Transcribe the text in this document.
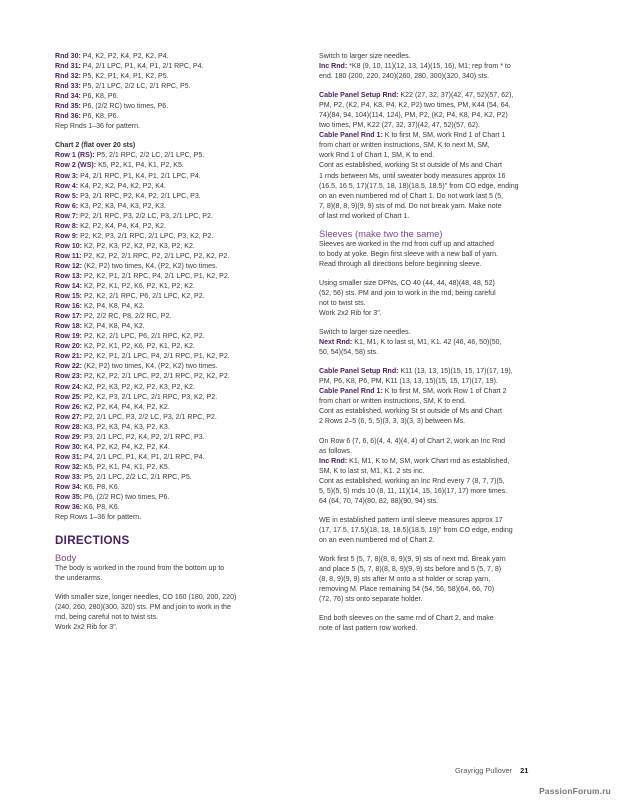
Rnd 30: P4, K2, P2, K4, P2, K2, P4.
Rnd 31: P4, 2/1 LPC, P1, K4, P1, 2/1 RPC, P4.
Rnd 32: P5, K2, P1, K4, P1, K2, P5.
Rnd 33: P5, 2/1 LPC, 2/2 LC, 2/1 RPC, P5.
Rnd 34: P6, K8, P6.
Rnd 35: P6, (2/2 RC) two times, P6.
Rnd 36: P6, K8, P6.
Rep Rnds 1–36 for pattern.
Chart 2 (flat over 20 sts)
Row 1 (RS): P5, 2/1 RPC, 2/2 LC, 2/1 LPC, P5.
Row 2 (WS): K5, P2, K1, P4, K1, P2, K5.
Row 3: P4, 2/1 RPC, P1, K4, P1, 2/1 LPC, P4.
Row 4: K4, P2, K2, P4, K2, P2, K4.
Row 5: P3, 2/1 RPC, P2, K4, P2, 2/1 LPC, P3.
Row 6: K3, P2, K3, P4, K3, P2, K3.
Row 7: P2, 2/1 RPC, P3, 2/2 LC, P3, 2/1 LPC, P2.
Row 8: K2, P2, K4, P4, K4, P2, K2.
Row 9: P2, K2, P3, 2/1 RPC, 2/1 LPC, P3, K2, P2.
Row 10: K2, P2, K3, P2, K2, P2, K3, P2, K2.
Row 11: P2, K2, P2, 2/1 RPC, P2, 2/1 LPC, P2, K2, P2.
Row 12: (K2, P2) two times, K4, (P2, K2) two times.
Row 13: P2, K2, P1, 2/1 RPC, P4, 2/1 LPC, P1, K2, P2.
Row 14: K2, P2, K1, P2, K6, P2, K1, P2, K2.
Row 15: P2, K2, 2/1 RPC, P6, 2/1 LPC, K2, P2.
Row 16: K2, P4, K8, P4, K2.
Row 17: P2, 2/2 RC, P8, 2/2 RC, P2.
Row 18: K2, P4, K8, P4, K2.
Row 19: P2, K2, 2/1 LPC, P6, 2/1 RPC, K2, P2.
Row 20: K2, P2, K1, P2, K6, P2, K1, P2, K2.
Row 21: P2, K2, P1, 2/1 LPC, P4, 2/1 RPC, P1, K2, P2.
Row 22: (K2, P2) two times, K4, (P2, K2) two times.
Row 23: P2, K2, P2, 2/1 LPC, P2, 2/1 RPC, P2, K2, P2.
Row 24: K2, P2, K3, P2, K2, P2, K3, P2, K2.
Row 25: P2, K2, P3, 2/1 LPC, 2/1 RPC, P3, K2, P2.
Row 26: K2, P2, K4, P4, K4, P2, K2.
Row 27: P2, 2/1 LPC, P3, 2/2 LC, P3, 2/1 RPC, P2.
Row 28: K3, P2, K3, P4, K3, P2, K3.
Row 29: P3, 2/1 LPC, P2, K4, P2, 2/1 RPC, P3.
Row 30: K4, P2, K2, P4, K2, P2, K4.
Row 31: P4, 2/1 LPC, P1, K4, P1, 2/1 RPC, P4.
Row 32: K5, P2, K1, P4, K1, P2, K5.
Row 33: P5, 2/1 LPC, 2/2 LC, 2/1 RPC, P5.
Row 34: K6, P8, K6.
Row 35: P6, (2/2 RC) two times, P6.
Row 36: K6, P8, K6.
Rep Rows 1–36 for pattern.
DIRECTIONS
Body
The body is worked in the round from the bottom up to
the underarms.
With smaller size, longer needles, CO 160 (180, 200, 220)
(240, 260, 280)(300, 320) sts. PM and join to work in the
rnd, being careful not to twist sts.
Work 2x2 Rib for 3".
Switch to larger size needles.
Inc Rnd: *K8 (9, 10, 11)(12, 13, 14)(15, 16), M1; rep from * to
end. 180 (200, 220, 240)(260, 280, 300)(320, 340) sts.
Cable Panel Setup Rnd: K22 (27, 32, 37)(42, 47, 52)(57, 62),
PM, P2, (K2, P4, K8, P4, K2, P2) two times, PM, K44 (54, 64,
74)(84, 94, 104)(114, 124), PM, P2, (K2, P4, K8, P4, K2, P2)
two times, PM, K22 (27, 32, 37)(42, 47, 52)(57, 62).
Cable Panel Rnd 1: K to first M, SM, work Rnd 1 of Chart 1
from chart or written instructions, SM, K to next M, SM,
work Rnd 1 of Chart 1, SM, K to end.
Cont as established, working St st outside of Ms and Chart
1 rnds between Ms, until sweater body measures approx 16
(16.5, 16.5, 17)(17.5, 18, 18)(18.5, 18.5)" from CO edge, ending
on an even numbered rnd of Chart 1. Do not work last 5 (5,
7, 8)(8, 8, 9)(9, 9) sts of rnd. Do not break yarn. Make note
of last rnd worked of Chart 1.
Sleeves (make two the same)
Sleeves are worked in the rnd from cuff up and attached
to body at yoke. Begin first sleeve with a new ball of yarn.
Read through all directions before beginning sleeve.
Using smaller size DPNs, CO 40 (44, 44, 48)(48, 48, 52)
(52, 56) sts. PM and join to work in the rnd, being careful
not to twist sts.
Work 2x2 Rib for 3".
Switch to larger size needles.
Next Rnd: K1, M1, K to last st, M1, K1. 42 (46, 46, 50)(50,
50, 54)(54, 58) sts.
Cable Panel Setup Rnd: K11 (13, 13, 15)(15, 15, 17)(17, 19),
PM, P6, K8, P6, PM, K11 (13, 13, 15)(15, 15, 17)(17, 19).
Cable Panel Rnd 1: K to first M, SM, work Row 1 of Chart 2
from chart or written instructions, SM, K to end.
Cont as established, working St st outside of Ms and Chart
2 Rows 2–5 (6, 5, 5)(3, 3, 3)(3, 3) between Ms.
On Row 6 (7, 6, 6)(4, 4, 4)(4, 4) of Chart 2, work an Inc Rnd
as follows.
Inc Rnd: K1, M1, K to M, SM, work Chart rnd as established,
SM, K to last st, M1, K1. 2 sts inc.
Cont as established, working an Inc Rnd every 7 (8, 7, 7)(5,
5, 5)(5, 5) rnds 10 (8, 11, 11)(14, 15, 16)(17, 17) more times.
64 (64, 70, 74)(80, 82, 88)(90, 94) sts.
WE in established pattern until sleeve measures approx 17
(17, 17.5, 17.5)(18, 18, 18.5)(18.5, 19)" from CO edge, ending
on an even numbered rnd of Chart 2.
Work first 5 (5, 7, 8)(8, 8, 9)(9, 9) sts of next rnd. Break yarn
and place 5 (5, 7, 8)(8, 8, 9)(9, 9) sts before and 5 (5, 7, 8)
(8, 8, 9)(9, 9) sts after M onto a st holder or scrap yarn,
removing M. Place remaining 54 (54, 56, 58)(64, 66, 70)
(72, 76) sts onto separate holder.
End both sleeves on the same rnd of Chart 2, and make
note of last pattern row worked.
Grayrigg Pullover 21
PassionForum.ru
